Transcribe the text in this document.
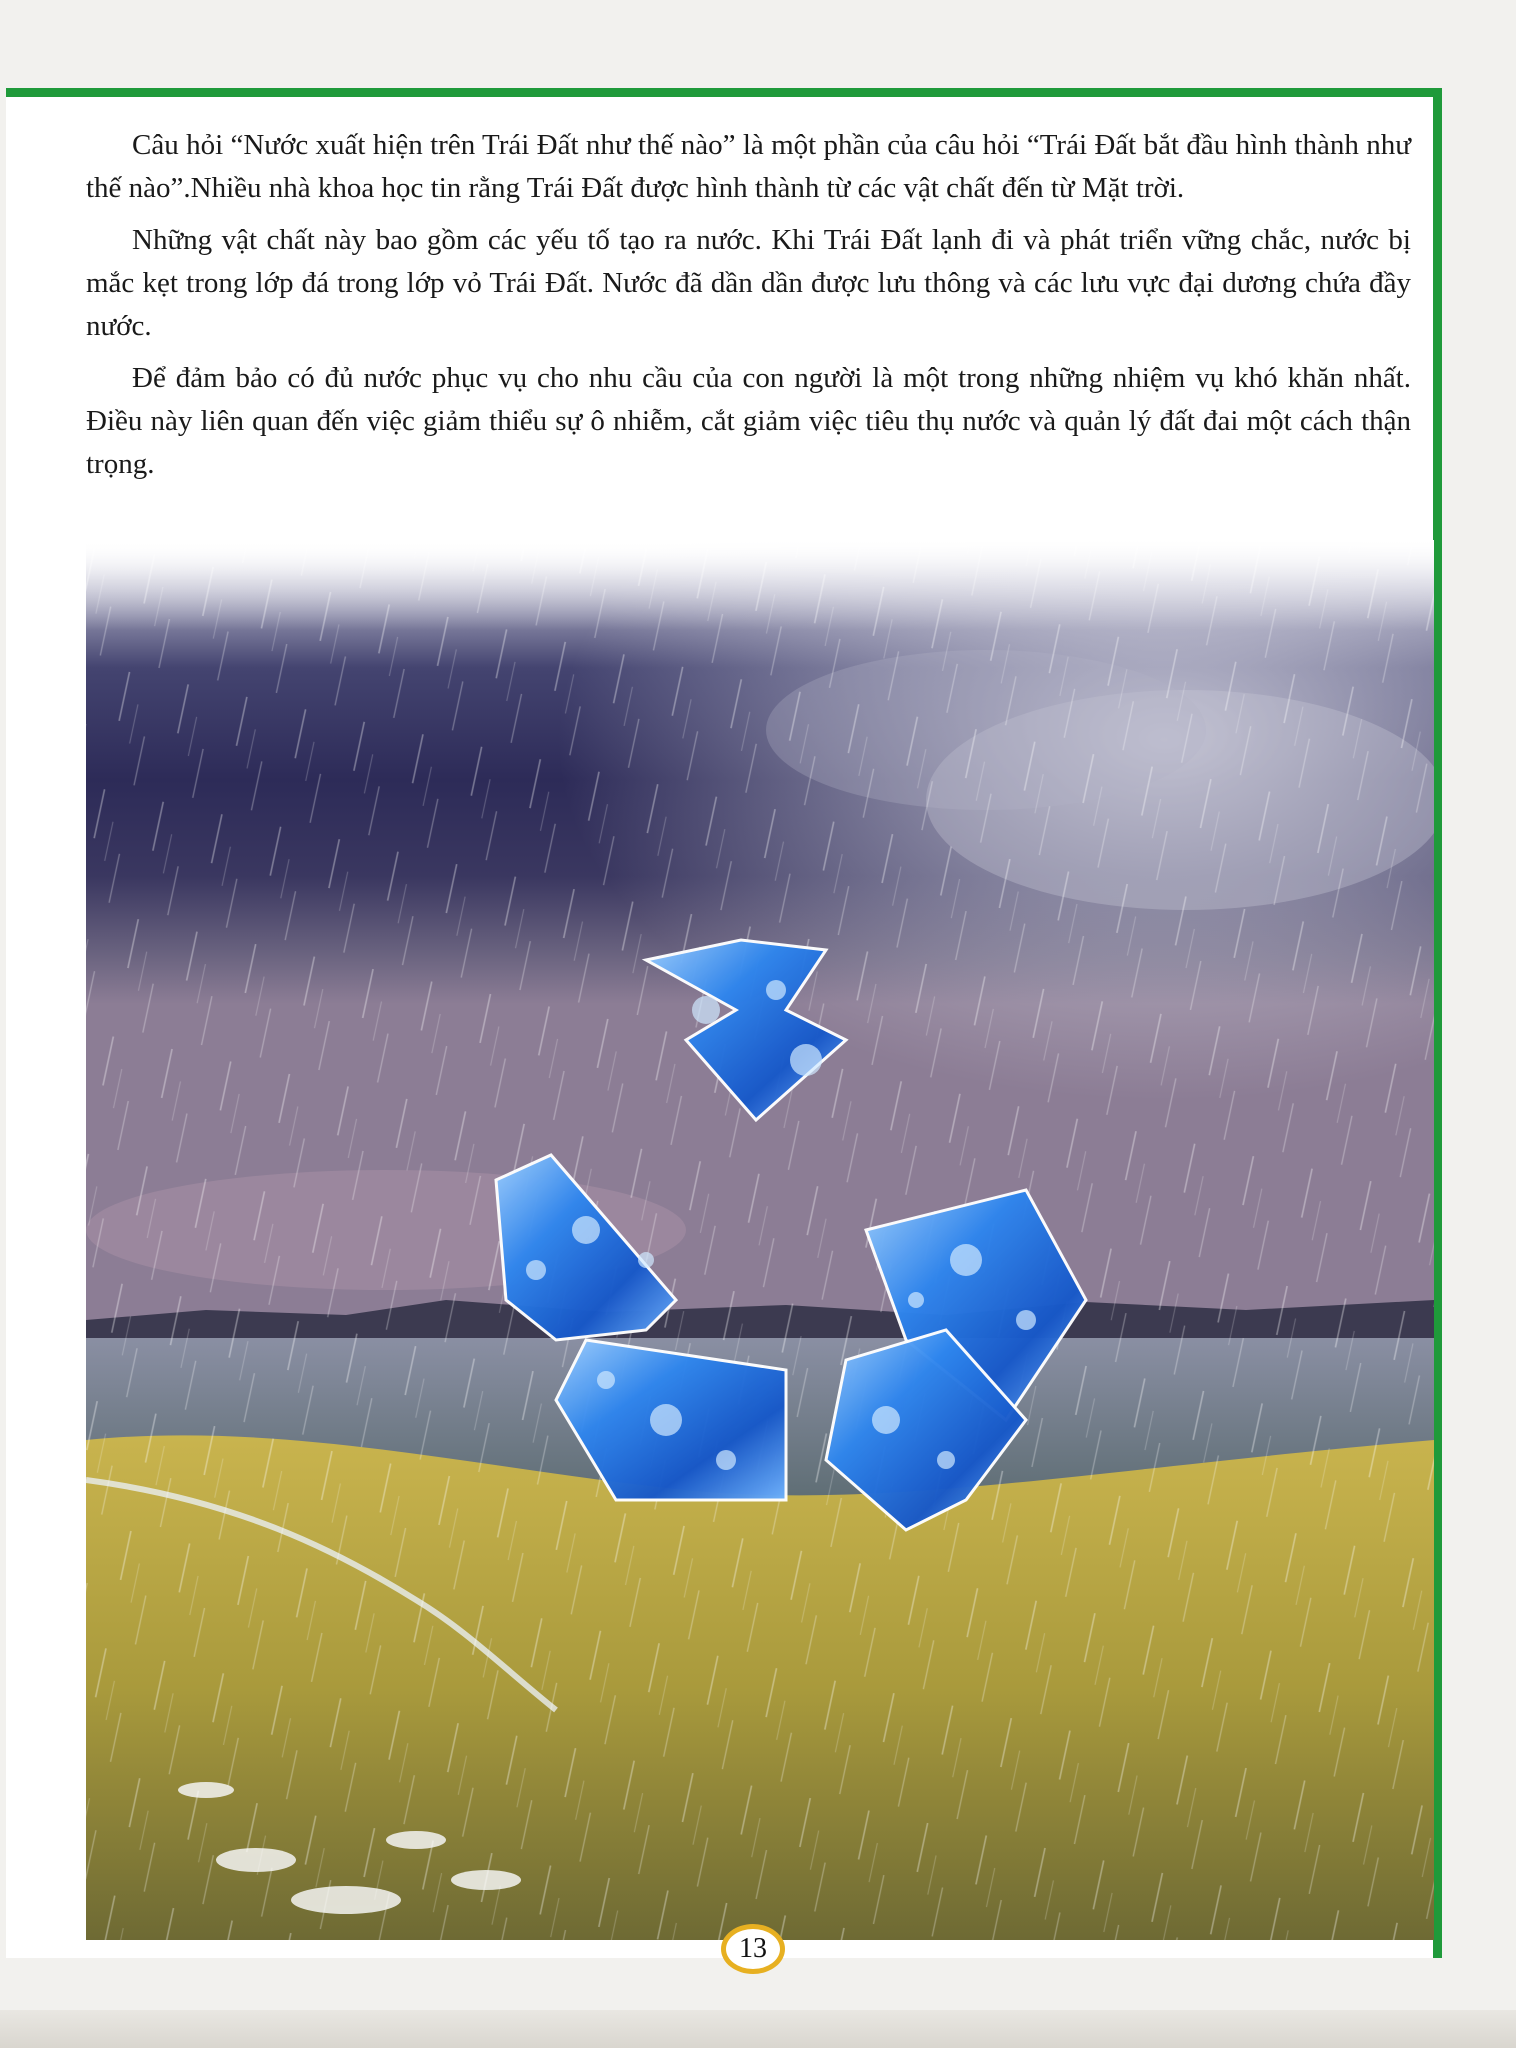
Câu hỏi “Nước xuất hiện trên Trái Đất như thế nào” là một phần của câu hỏi “Trái Đất bắt đầu hình thành như thế nào”.Nhiều nhà khoa học tin rằng Trái Đất được hình thành từ các vật chất đến từ Mặt trời.

Những vật chất này bao gồm các yếu tố tạo ra nước. Khi Trái Đất lạnh đi và phát triển vững chắc, nước bị mắc kẹt trong lớp đá trong lớp vỏ Trái Đất. Nước đã dần dần được lưu thông và các lưu vực đại dương chứa đầy nước.

Để đảm bảo có đủ nước phục vụ cho nhu cầu của con người là một trong những nhiệm vụ khó khăn nhất. Điều này liên quan đến việc giảm thiểu sự ô nhiễm, cắt giảm việc tiêu thụ nước và quản lý đất đai một cách thận trọng.

13
